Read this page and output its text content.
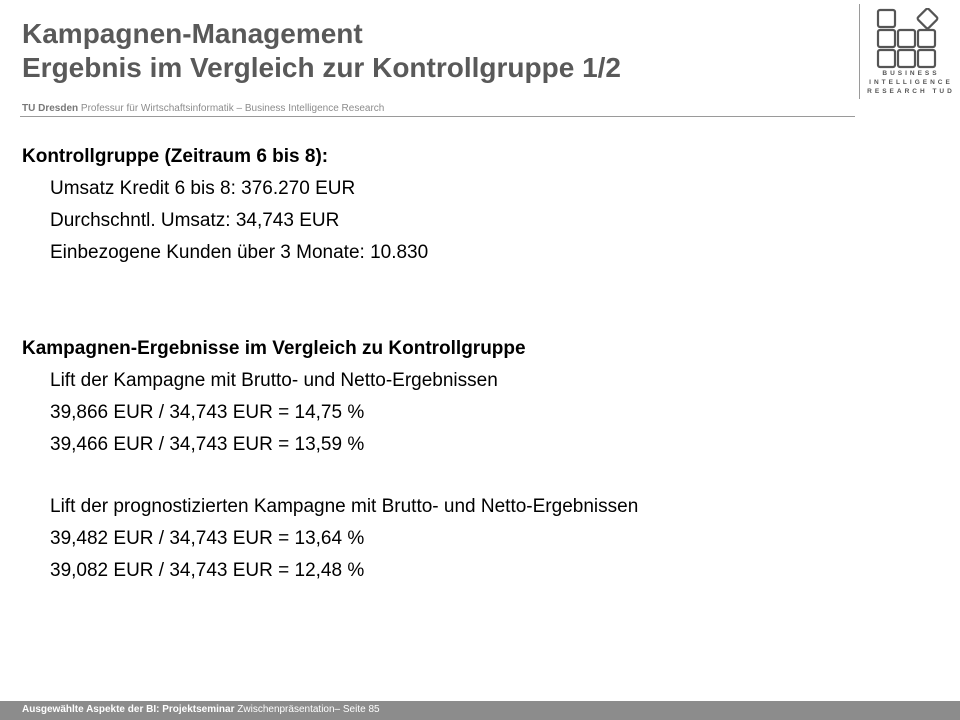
Kampagnen-Management
Ergebnis im Vergleich zur Kontrollgruppe 1/2
TU Dresden Professur für Wirtschaftsinformatik – Business Intelligence Research
BUSINESS
INTELLIGENCE
RESEARCH TUD
Kontrollgruppe (Zeitraum 6 bis 8):
Umsatz Kredit 6 bis 8: 376.270 EUR
Durchschntl. Umsatz: 34,743 EUR
Einbezogene Kunden über 3 Monate: 10.830
Kampagnen-Ergebnisse im Vergleich zu Kontrollgruppe
Lift der Kampagne mit Brutto- und Netto-Ergebnissen
39,866 EUR / 34,743 EUR = 14,75 %
39,466 EUR / 34,743 EUR = 13,59 %
Lift der prognostizierten Kampagne mit Brutto- und Netto-Ergebnissen
39,482 EUR / 34,743 EUR = 13,64 %
39,082 EUR / 34,743 EUR = 12,48 %
Ausgewählte Aspekte der BI: Projektseminar Zwischenpräsentation– Seite 85
